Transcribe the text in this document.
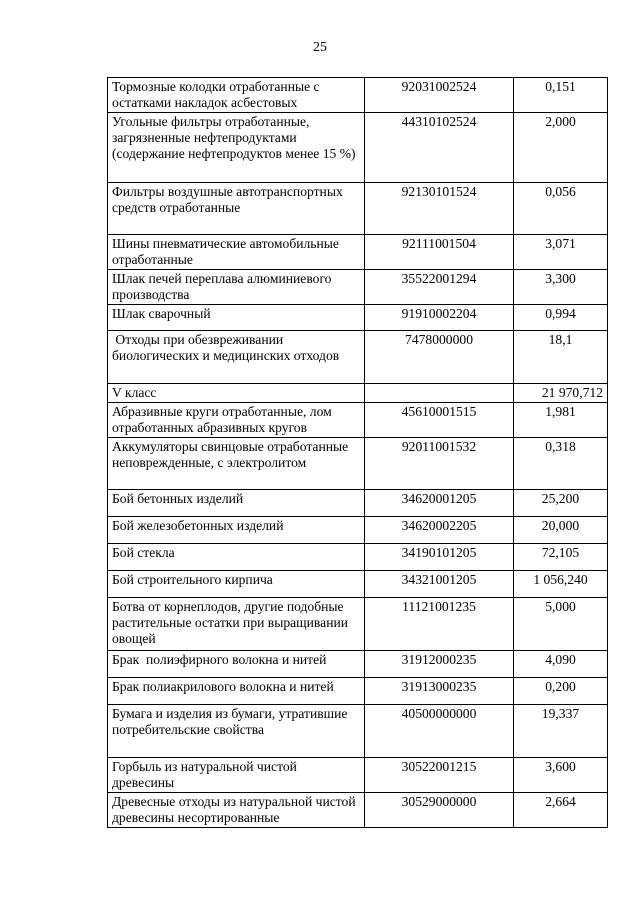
25
Тормозные колодки отработанные с остатками накладок асбестовых	92031002524	0,151
Угольные фильтры отработанные, загрязненные нефтепродуктами (содержание нефтепродуктов менее 15 %)	44310102524	2,000
Фильтры воздушные автотранспортных средств отработанные	92130101524	0,056
Шины пневматические автомобильные отработанные	92111001504	3,071
Шлак печей переплава алюминиевого производства	35522001294	3,300
Шлак сварочный	91910002204	0,994
Отходы при обезвреживании биологических и медицинских отходов	7478000000	18,1
V класс		21 970,712
Абразивные круги отработанные, лом отработанных абразивных кругов	45610001515	1,981
Аккумуляторы свинцовые отработанные неповрежденные, с электролитом	92011001532	0,318
Бой бетонных изделий	34620001205	25,200
Бой железобетонных изделий	34620002205	20,000
Бой стекла	34190101205	72,105
Бой строительного кирпича	34321001205	1 056,240
Ботва от корнеплодов, другие подобные растительные остатки при выращивании овощей	11121001235	5,000
Брак  полиэфирного волокна и нитей	31912000235	4,090
Брак полиакрилового волокна и нитей	31913000235	0,200
Бумага и изделия из бумаги, утратившие потребительские свойства	40500000000	19,337
Горбыль из натуральной чистой древесины	30522001215	3,600
Древесные отходы из натуральной чистой древесины несортированные	30529000000	2,664
